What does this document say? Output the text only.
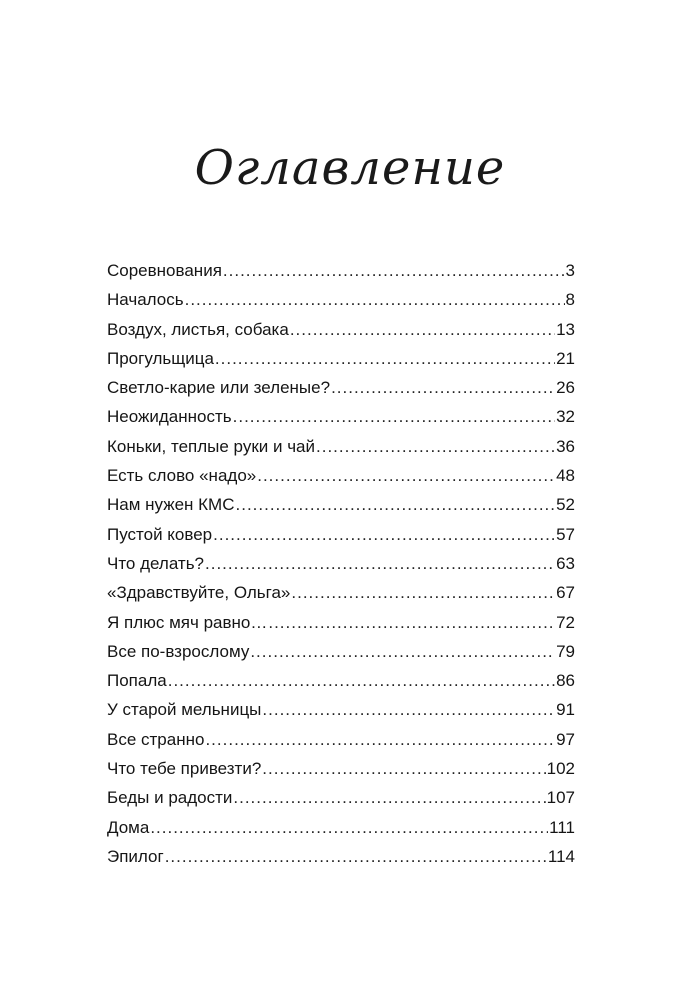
Оглавление
Соревнования .....	3
Началось .....	8
Воздух, листья, собака .....	13
Прогульщица .....	21
Светло-карие или зеленые? .....	26
Неожиданность .....	32
Коньки, теплые руки и чай .....	36
Есть слово «надо» .....	48
Нам нужен КМС .....	52
Пустой ковер .....	57
Что делать? .....	63
«Здравствуйте, Ольга» .....	67
Я плюс мяч равно… .....	72
Все по-взрослому .....	79
Попала .....	86
У старой мельницы .....	91
Все странно .....	97
Что тебе привезти? .....	102
Беды и радости .....	107
Дома .....	111
Эпилог .....	114
